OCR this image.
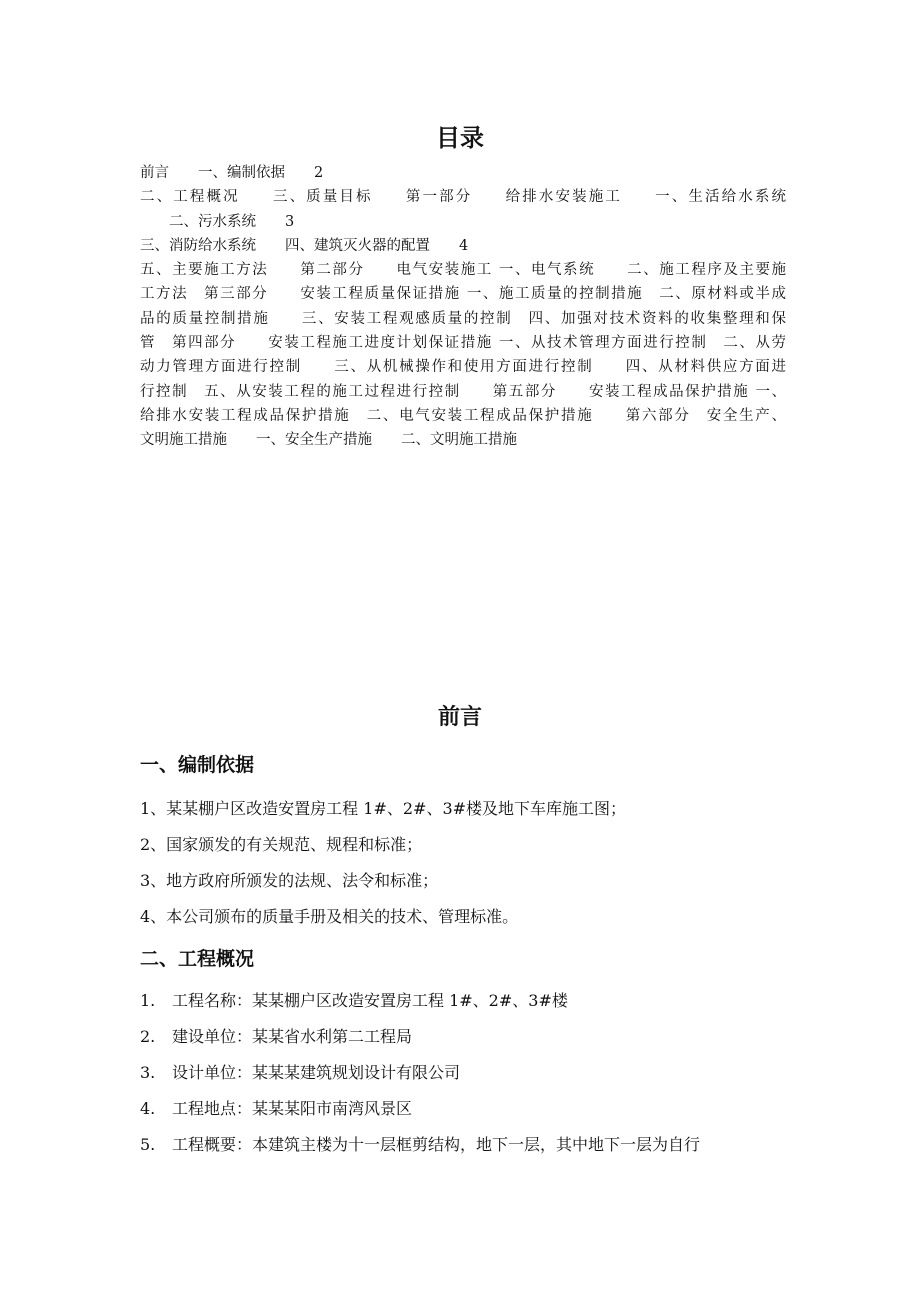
目录
前言　　一、编制依据　　2
二、工程概况　　三、质量目标　　第一部分　　给排水安装施工　　一、生活给水系统
　　二、污水系统　　3
三、消防给水系统　　四、建筑灭火器的配置　　4
五、主要施工方法　　第二部分　　电气安装施工 一、电气系统　　二、施工程序及主要施
工方法　第三部分　　安装工程质量保证措施 一、施工质量的控制措施　二、原材料或半成
品的质量控制措施　　三、安装工程观感质量的控制　四、加强对技术资料的收集整理和保
管　第四部分　　安装工程施工进度计划保证措施 一、从技术管理方面进行控制　二、从劳
动力管理方面进行控制　　三、从机械操作和使用方面进行控制　　四、从材料供应方面进
行控制　五、从安装工程的施工过程进行控制　　第五部分　　安装工程成品保护措施 一、
给排水安装工程成品保护措施　二、电气安装工程成品保护措施　　第六部分　安全生产、
文明施工措施　　一、安全生产措施　　二、文明施工措施
前言
一、编制依据
1、某某棚户区改造安置房工程 1#、2#、3#楼及地下车库施工图；
2、国家颁发的有关规范、规程和标准；
3、地方政府所颁发的法规、法令和标准；
4、本公司颁布的质量手册及相关的技术、管理标准。
二、工程概况
1. 工程名称：某某棚户区改造安置房工程 1#、2#、3#楼
2. 建设单位：某某省水利第二工程局
3. 设计单位：某某某建筑规划设计有限公司
4. 工程地点：某某某阳市南湾风景区
5. 工程概要：本建筑主楼为十一层框剪结构，地下一层，其中地下一层为自行
